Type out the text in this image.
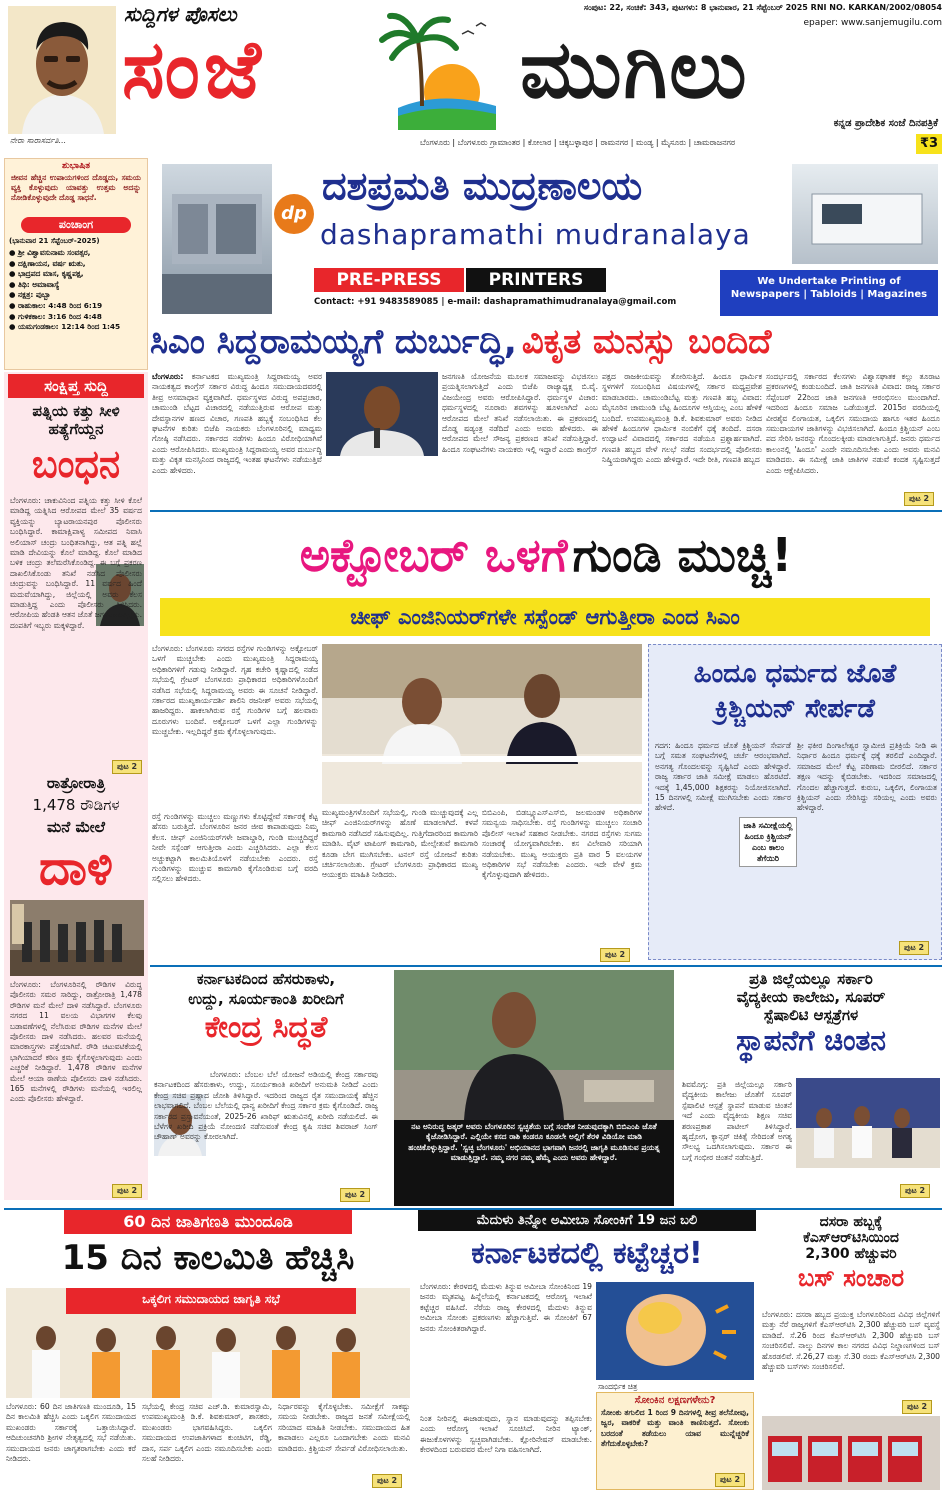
ನೇರಾ ಸಾರಾಸರ್ವತಿ...
ಸುದ್ದಿಗಳ ಪೊಸಲು
ಸಂಜೆ	ಮುಗಿಲು
ಸಂಪುಟ: 22, ಸಂಚಿಕೆ: 343, ಪುಟಗಳು: 8 ಭಾನುವಾರ, 21 ಸೆಪ್ಟೆಂಬರ್ 2025 RNI NO. KARKAN/2002/08054
epaper: www.sanjemugilu.com
ಕನ್ನಡ ಪ್ರಾದೇಶಿಕ ಸಂಜೆ ದಿನಪತ್ರಿಕೆ
ಬೆಂಗಳೂರು | ಬೆಂಗಳೂರು ಗ್ರಾಮಾಂತರ | ಕೋಲಾರ | ಚಿಕ್ಕಬಳ್ಳಾಪುರ | ರಾಮನಗರ | ಮಂಡ್ಯ | ಮೈಸೂರು | ಚಾಮರಾಜನಗರ	₹3
ಶುಭಾಷಿತ
ಜೀವನ ಹೆಚ್ಚಿನ ಉಪಾಯಗಳಿಂದ ದೊಡ್ಡದು, ಸಮಯ ವ್ಯಕ್ತಿ ಕೊಳ್ಳುವುದು ಯಾವತ್ತು ಉತ್ತಮ ಅದನ್ನು ನೋಡಿಕೊಳ್ಳುವುದೇ ದೊಡ್ಡ ಸಾಧನೆ.
ಪಂಚಾಂಗ
(ಭಾನುವಾರ 21 ಸೆಪ್ಟೆಂಬರ್-2025)
● ಶ್ರೀ ವಿಶ್ವಾವಸುನಾಮ ಸಂವತ್ಸರ,
● ದಕ್ಷಿಣಾಯನ, ವರ್ಷ ಋತು,
● ಭಾದ್ರಪದ ಮಾಸ, ಕೃಷ್ಣಪಕ್ಷ,
● ತಿಥಿ: ಅಮಾವಾಸ್ಯೆ
● ನಕ್ಷತ್ರ: ಪುಬ್ಬಾ
● ರಾಹುಕಾಲ: 4:48 ರಿಂದ 6:19
● ಗುಳಿಕಕಾಲ: 3:16 ರಿಂದ 4:48
● ಯಮಗಂಡಕಾಲ: 12:14 ರಿಂದ 1:45
dp
ದಶಪ್ರಮತಿ ಮುದ್ರಣಾಲಯ
dashapramathi mudranalaya
PRE-PRESS	PRINTERS
Contact: +91 9483589085 | e-mail: dashapramathimudranalaya@gmail.com
We Undertake Printing of
Newspapers | Tabloids | Magazines
ಸಿಎಂ ಸಿದ್ದರಾಮಯ್ಯಗೆ ದುರ್ಬುದ್ಧಿ, ವಿಕೃತ ಮನಸ್ಸು ಬಂದಿದೆ
ಬೆಂಗಳೂರು: ಕರ್ನಾಟಕದ ಮುಖ್ಯಮಂತ್ರಿ ಸಿದ್ದರಾಮಯ್ಯ ಅವರ ನಾಯಕತ್ವದ ಕಾಂಗ್ರೆಸ್ ಸರ್ಕಾರ ವಿರುದ್ಧ ಹಿಂದೂ ಸಮುದಾಯದವರಲ್ಲಿ ತೀವ್ರ ಅಸಮಾಧಾನ ವ್ಯಕ್ತವಾಗಿದೆ. ಧರ್ಮಸ್ಥಳದ ವಿರುದ್ಧ ಅಪಪ್ರಚಾರ, ಚಾಮುಂಡಿ ಬೆಟ್ಟದ ವಿಚಾರದಲ್ಲಿ ನಡೆಯುತ್ತಿರುವ ಆರೋಪ ಮತ್ತು ದೇವಸ್ಥಾನಗಳ ಹಣದ ವಿಚಾರ, ಗಣಪತಿ ಹಬ್ಬಕ್ಕೆ ಸಂಬಂಧಿಸಿದ ಕೆಲ ಘಟನೆಗಳ ಕುರಿತು ಬಿಜೆಪಿ ನಾಯಕರು ಬೆಂಗಳೂರಿನಲ್ಲಿ ಮಾಧ್ಯಮ ಗೋಷ್ಠಿ ನಡೆಸಿದರು. ಸರ್ಕಾರದ ನಡೆಗಳು ಹಿಂದೂ ವಿರೋಧಿಯಾಗಿವೆ ಎಂದು ಆರೋಪಿಸಿದರು. ಮುಖ್ಯಮಂತ್ರಿ ಸಿದ್ದರಾಮಯ್ಯ ಅವರ ದುರ್ಬುದ್ಧಿ ಮತ್ತು ವಿಕೃತ ಮನಸ್ಸಿನಿಂದ ರಾಜ್ಯದಲ್ಲಿ ಇಂತಹ ಘಟನೆಗಳು ನಡೆಯುತ್ತಿವೆ ಎಂದು ಹೇಳಿದರು.
ಜನಗಣತಿ ಯೋಜನೆಯ ಮೂಲಕ ಸಮಾಜವನ್ನು ವಿಭಜಿಸಲು ಪ್ರಯತ್ನಿಸಲಾಗುತ್ತಿದೆ ಎಂದು ಬಿಜೆಪಿ ರಾಜ್ಯಾಧ್ಯಕ್ಷ ಬಿ.ವೈ. ವಿಜಯೇಂದ್ರ ಅವರು ಆರೋಪಿಸಿದ್ದಾರೆ. ಧರ್ಮಸ್ಥಳ ವಿಚಾರ: ಧರ್ಮಸ್ಥಳದಲ್ಲಿ ನೂರಾರು ಶವಗಳನ್ನು ಹೂಳಲಾಗಿದೆ ಎಂಬ ಆರೋಪದ ಮೇಲೆ ತನಿಖೆ ನಡೆಸಲಾಯಿತು. ಈ ಪ್ರಕರಣದಲ್ಲಿ ದೊಡ್ಡ ಷಡ್ಯಂತ್ರ ನಡೆದಿದೆ ಎಂದು ಅವರು ಹೇಳಿದರು. ಈ ಆರೋಪದ ಮೇಲೆ ಸೌಜನ್ಯ ಪ್ರಕರಣದ ತನಿಖೆ ನಡೆಸುತ್ತಿದ್ದಾರೆ. ಹಿಂದೂ ಸಂಘಟನೆಗಳು ನಾಯಕರು ಇಲ್ಲಿ ಇದ್ದಾರೆ ಎಂದು ಕಾಂಗ್ರೆಸ್
ಪಕ್ಷದ ರಾಜಕೀಯವನ್ನು ತೋರಿಸುತ್ತಿದೆ. ಹಿಂದೂ ಧಾರ್ಮಿಕ ಸ್ಥಳಗಳಿಗೆ ಸಂಬಂಧಿಸಿದ ವಿಷಯಗಳಲ್ಲಿ ಸರ್ಕಾರ ಮಧ್ಯಪ್ರವೇಶ ಮಾಡಬಾರದು. ಚಾಮುಂಡಿಬೆಟ್ಟ ಮತ್ತು ಗಣಪತಿ ಹಬ್ಬ ವಿವಾದ: ಮೈಸೂರಿನ ಚಾಮುಂಡಿ ಬೆಟ್ಟ ಹಿಂದೂಗಳ ಆಸ್ತಿಯಲ್ಲ ಎಂಬ ಹೇಳಿಕೆ ಬಂದಿದೆ. ಉಪಮುಖ್ಯಮಂತ್ರಿ ಡಿ.ಕೆ. ಶಿವಕುಮಾರ್ ಅವರು ನೀಡಿದ ಹೇಳಿಕೆ ಹಿಂದೂಗಳ ಧಾರ್ಮಿಕ ನಂಬಿಕೆಗೆ ಧಕ್ಕೆ ತಂದಿದೆ. ದಸರಾ ಉದ್ಘಾಟನೆ ವಿವಾದದಲ್ಲಿ ಸರ್ಕಾರದ ನಡೆಯೂ ಪ್ರಶ್ನಾರ್ಹವಾಗಿದೆ. ಗಣಪತಿ ಹಬ್ಬದ ವೇಳೆ ಗಲಭೆ ನಡೆದ ಸಂದರ್ಭದಲ್ಲಿ ಪೊಲೀಸರು ನಿಷ್ಕ್ರಿಯರಾಗಿದ್ದರು ಎಂದು ಹೇಳಿದ್ದಾರೆ. ಇದೇ ರೀತಿ, ಗಣಪತಿ ಹಬ್ಬದ
ಸಂದರ್ಭದಲ್ಲಿ ಸರ್ಕಾರದ ಕೆಲಸಗಳು ವಿಶ್ವಾಸಘಾತಕ ಕಲ್ಲು ತೂರಾಟ ಪ್ರಕರಣಗಳಲ್ಲಿ ಕಂಡುಬಂದಿದೆ. ಜಾತಿ ಜನಗಣತಿ ವಿವಾದ: ರಾಜ್ಯ ಸರ್ಕಾರ ಸೆಪ್ಟೆಂಬರ್ 22ರಿಂದ ಜಾತಿ ಜನಗಣತಿ ಆರಂಭಿಸಲು ಮುಂದಾಗಿದೆ. ಇದರಿಂದ ಹಿಂದೂ ಸಮಾಜ ಒಡೆಯುತ್ತದೆ. 2015ರ ವರದಿಯಲ್ಲಿ ವೀರಶೈವ ಲಿಂಗಾಯತ, ಒಕ್ಕಲಿಗ ಸಮುದಾಯ ಹಾಗೂ ಇತರ ಹಿಂದೂ ಸಮುದಾಯಗಳ ಜಾತಿಗಳನ್ನು ವಿಭಜಿಸಲಾಗಿದೆ. ಹಿಂದೂ ಕ್ರಿಶ್ಚಿಯನ್ ಎಂಬ ಪದ ಸೇರಿಸಿ ಜನರನ್ನು ಗೊಂದಲಕ್ಕೀಡು ಮಾಡಲಾಗುತ್ತಿದೆ. ಜನರು ಧರ್ಮದ ಕಾಲಂನಲ್ಲಿ 'ಹಿಂದೂ' ಎಂದೇ ನಮೂದಿಸಬೇಕು ಎಂದು ಅವರು ಮನವಿ ಮಾಡಿದರು. ಈ ಸಮೀಕ್ಷೆ ಜಾತಿ ಜಾತಿಗಳ ನಡುವೆ ಕಂದಕ ಸೃಷ್ಟಿಸುತ್ತದೆ ಎಂದು ಆಕ್ಷೇಪಿಸಿದರು.
ಪುಟ 2
ಸಂಕ್ಷಿಪ್ತ ಸುದ್ದಿ
ಪತ್ನಿಯ ಕತ್ತು ಸೀಳಿ
ಹತ್ಯೆಗೆಯ್ದನ
ಬಂಧನ
ಬೆಂಗಳೂರು: ಚಾಕುವಿನಿಂದ ಪತ್ನಿಯ ಕತ್ತು ಸೀಳಿ ಕೊಲೆ ಮಾಡಿದ್ದ ಯತ್ನಿಸಿದ ಆರೋಪದ ಮೇಲೆ 35 ವರ್ಷದ ವ್ಯಕ್ತಿಯನ್ನು ಬ್ಯಾಟರಾಯನಪುರ ಪೊಲೀಸರು ಬಂಧಿಸಿದ್ದಾರೆ. ಕಾಮಾಕ್ಷಿಪಾಳ್ಯ ಸಮೀಪದ ನಿವಾಸಿ ಅಲಿಯಾಸ್ ಚಂದ್ರು ಬಂಧಿತನಾಗಿದ್ದು, ಆತ ಪತ್ನಿ ಹಲ್ಲೆ ಮಾಡಿ ದೇವಿಯನ್ನು ಕೊಲೆ ಮಾಡಿದ್ದ. ಕೊಲೆ ಮಾಡಿದ ಬಳಿಕ ಚಂದ್ರು ತಲೆಮರೆಸಿಕೊಂಡಿದ್ದ. ಈ ಬಗ್ಗೆ ಪ್ರಕರಣ ದಾಖಲಿಸಿಕೊಂಡು ತನಿಖೆ ನಡೆಸಿದ ಪೊಲೀಸರು ಚಂದ್ರುವನ್ನು ಬಂಧಿಸಿದ್ದಾರೆ. 11 ವರ್ಷದ ಹಿಂದೆ ಮದುವೆಯಾಗಿದ್ದು, ಜಿಲ್ಲೆಯಲ್ಲಿ ಅವರು ಕೆಲಸ ಮಾಡುತ್ತಿದ್ದ ಎಂದು ಪೊಲೀಸರು ತಿಳಿಸಿದರು. ಆರೋಪಿಯ ಹೆಂಡತಿ ಆತನ ಜೊತೆ ಜಗಳವಾಡುತ್ತಿದ್ದರು. ದಂಪತಿಗೆ ಇಬ್ಬರು ಮಕ್ಕಳಿದ್ದಾರೆ.
ಪುಟ 2
ರಾತ್ರೋರಾತ್ರಿ
1,478 ರೌಡಿಗಳ
ಮನೆ ಮೇಲೆ
ದಾಳಿ
ಬೆಂಗಳೂರು: ಬೆಂಗಳೂರಿನಲ್ಲಿ ರೌಡಿಗಳ ವಿರುದ್ಧ ಪೊಲೀಸರು ಸಮರ ಸಾರಿದ್ದು, ರಾತ್ರೋರಾತ್ರಿ 1,478 ರೌಡಿಗಳ ಮನೆ ಮೇಲೆ ದಾಳಿ ನಡೆಸಿದ್ದಾರೆ. ಬೆಂಗಳೂರು ನಗರದ 11 ವಲಯ ವಿಭಾಗಗಳ ಕೆಲವು ಬಡಾವಣೆಗಳಲ್ಲಿ ನೆಲೆಸಿರುವ ರೌಡಿಗಳ ಮನೆಗಳ ಮೇಲೆ ಪೊಲೀಸರು ದಾಳಿ ನಡೆಸಿದರು. ಹಲವರ ಮನೆಯಲ್ಲಿ ಮಾರಕಾಸ್ತ್ರಗಳು ಪತ್ತೆಯಾಗಿವೆ. ರೌಡಿ ಚಟುವಟಿಕೆಯಲ್ಲಿ ಭಾಗಿಯಾದರೆ ಕಠಿಣ ಕ್ರಮ ಕೈಗೊಳ್ಳಲಾಗುವುದು ಎಂದು ಎಚ್ಚರಿಕೆ ನೀಡಿದ್ದಾರೆ. 1,478 ರೌಡಿಗಳ ಮನೆಗಳ ಮೇಲೆ ಆಯಾ ಠಾಣೆಯ ಪೊಲೀಸರು ದಾಳಿ ನಡೆಸಿದರು. 165 ಮನೆಗಳಲ್ಲಿ ರೌಡಿಗಳು ಮನೆಯಲ್ಲಿ ಇರಲಿಲ್ಲ ಎಂದು ಪೊಲೀಸರು ಹೇಳಿದ್ದಾರೆ.
ಪುಟ 2
ಅಕ್ಟೋಬರ್ ಒಳಗೆ ಗುಂಡಿ ಮುಚ್ಚಿ!
ಚೀಫ್ ಎಂಜಿನಿಯರ್‌ಗಳೇ ಸಸ್ಪೆಂಡ್ ಆಗುತ್ತೀರಾ ಎಂದ ಸಿಎಂ
ಬೆಂಗಳೂರು: ಬೆಂಗಳೂರು ನಗರದ ರಸ್ತೆಗಳ ಗುಂಡಿಗಳನ್ನು ಅಕ್ಟೋಬರ್ ಒಳಗೆ ಮುಚ್ಚಬೇಕು ಎಂದು ಮುಖ್ಯಮಂತ್ರಿ ಸಿದ್ದರಾಮಯ್ಯ ಅಧಿಕಾರಿಗಳಿಗೆ ಗಡುವು ನೀಡಿದ್ದಾರೆ. ಗೃಹ ಕಚೇರಿ ಕೃಷ್ಣಾದಲ್ಲಿ ನಡೆದ ಸಭೆಯಲ್ಲಿ ಗ್ರೇಟರ್ ಬೆಂಗಳೂರು ಪ್ರಾಧಿಕಾರದ ಅಧಿಕಾರಿಗಳೊಂದಿಗೆ ನಡೆಸಿದ ಸಭೆಯಲ್ಲಿ ಸಿದ್ದರಾಮಯ್ಯ ಅವರು ಈ ಸೂಚನೆ ನೀಡಿದ್ದಾರೆ. ಸರ್ಕಾರದ ಮುಖ್ಯಕಾರ್ಯದರ್ಶಿ ಶಾಲಿನಿ ರಜನೀಶ್ ಅವರು ಸಭೆಯಲ್ಲಿ ಹಾಜರಿದ್ದರು. ಹಾಕಲಾಗಿರುವ ರಸ್ತೆ ಗುಂಡಿಗಳ ಬಗ್ಗೆ ಹಲವಾರು ದೂರುಗಳು ಬಂದಿವೆ. ಅಕ್ಟೋಬರ್ ಒಳಗೆ ಎಲ್ಲಾ ಗುಂಡಿಗಳನ್ನು ಮುಚ್ಚಬೇಕು. ಇಲ್ಲದಿದ್ದರೆ ಕ್ರಮ ಕೈಗೊಳ್ಳಲಾಗುವುದು.
ರಸ್ತೆ ಗುಂಡಿಗಳನ್ನು ಮುಚ್ಚಲು ಮಣ್ಣುಗಳು ಕೊಟ್ಟಿದ್ದೇವೆ ಸರ್ಕಾರಕ್ಕೆ ಕೆಟ್ಟ ಹೆಸರು ಬರುತ್ತಿದೆ. ಬೆಂಗಳೂರಿನ ಜನರ ಜೀವ ಕಾಪಾಡುವುದು ನಿಮ್ಮ ಕೆಲಸ. ಚೀಫ್ ಎಂಜಿನಿಯರ್‌ಗಳೇ ಜವಾಬ್ದಾರಿ, ಗುಂಡಿ ಮುಚ್ಚದಿದ್ದರೆ ನೀವೇ ಸಸ್ಪೆಂಡ್ ಆಗುತ್ತೀರಾ ಎಂದು ಎಚ್ಚರಿಸಿದರು. ಎಲ್ಲಾ ಕೆಲಸ ಅಚ್ಚುಕಟ್ಟಾಗಿ ಕಾಲಮಿತಿಯೊಳಗೆ ನಡೆಯಬೇಕು ಎಂದರು. ರಸ್ತೆ ಗುಂಡಿಗಳನ್ನು ಮುಚ್ಚುವ ಕಾಮಗಾರಿ ಕೈಗೊಂಡಿರುವ ಬಗ್ಗೆ ವರದಿ ಸಲ್ಲಿಸಲು ಹೇಳಿದರು.
ಮುಖ್ಯಮಂತ್ರಿಗಳೊಂದಿಗೆ ಸಭೆಯಲ್ಲಿ, ಗುಂಡಿ ಮುಚ್ಚುವುದಕ್ಕೆ ಎಲ್ಲ ಚೀಫ್ ಎಂಜಿನಿಯರ್‌ಗಳನ್ನು ಹೊಣೆ ಮಾಡಲಾಗಿದೆ. ಕಳಪೆ ಕಾಮಗಾರಿ ನಡೆಸಿದರೆ ಸಹಿಸುವುದಿಲ್ಲ. ಗುತ್ತಿಗೆದಾರರಿಂದ ಕಾಮಗಾರಿ ಮಾಡಿಸಿ. ವೈಟ್ ಟಾಪಿಂಗ್ ಕಾಮಗಾರಿ, ಮೇಲ್ಸೇತುವೆ ಕಾಮಗಾರಿ ಕೂಡಾ ಬೇಗ ಮುಗಿಸಬೇಕು. ಟನಲ್ ರಸ್ತೆ ಯೋಜನೆ ಕುರಿತು ಚರ್ಚಿಸಲಾಯಿತು. ಗ್ರೇಟರ್ ಬೆಂಗಳೂರು ಪ್ರಾಧಿಕಾರದ ಮುಖ್ಯ ಆಯುಕ್ತರು ಮಾಹಿತಿ ನೀಡಿದರು.
ಬಿಬಿಎಂಪಿ, ಬಿಡಬ್ಲ್ಯೂಎಸ್ಎಸ್‌ಬಿ, ಜಲಮಂಡಳಿ ಅಧಿಕಾರಿಗಳ ಸಮನ್ವಯ ಸಾಧಿಸಬೇಕು. ರಸ್ತೆ ಗುಂಡಿಗಳನ್ನು ಮುಚ್ಚಲು ಸಂಚಾರಿ ಪೊಲೀಸ್ ಇಲಾಖೆ ಸಹಕಾರ ನೀಡಬೇಕು. ನಗರದ ರಸ್ತೆಗಳು ಸುಗಮ ಸಂಚಾರಕ್ಕೆ ಯೋಗ್ಯವಾಗಿರಬೇಕು. ಕಸ ವಿಲೇವಾರಿ ಸರಿಯಾಗಿ ನಡೆಯಬೇಕು. ಮುಖ್ಯ ಆಯುಕ್ತರು ಪ್ರತಿ ವಾರ 5 ವಲಯಗಳ ಅಧಿಕಾರಿಗಳ ಸಭೆ ನಡೆಸಬೇಕು ಎಂದರು. ಇದೇ ವೇಳೆ ಕ್ರಮ ಕೈಗೊಳ್ಳುವುದಾಗಿ ಹೇಳಿದರು.
ಪುಟ 2
ಹಿಂದೂ ಧರ್ಮದ ಜೊತೆ
ಕ್ರಿಶ್ಚಿಯನ್ ಸೇರ್ಪಡೆ
ಗದಗ: ಹಿಂದೂ ಧರ್ಮದ ಜೊತೆ ಕ್ರಿಶ್ಚಿಯನ್ ಸೇರ್ಪಡೆ ಬಗ್ಗೆ ಸಮತ ಸಂಘಟನೆಗಳಲ್ಲಿ ಚರ್ಚೆ ಆರಂಭವಾಗಿದೆ. ಅನಗತ್ಯ ಗೊಂದಲವನ್ನು ಸೃಷ್ಟಿಸಿದೆ ಎಂದು ಹೇಳಿದ್ದಾರೆ. ರಾಜ್ಯ ಸರ್ಕಾರ ಜಾತಿ ಸಮೀಕ್ಷೆ ಮಾಡಲು ಹೊರಟಿದೆ. ಇದಕ್ಕೆ 1,45,000 ಶಿಕ್ಷಕರನ್ನು ನಿಯೋಜಿಸಲಾಗಿದೆ. 15 ದಿನಗಳಲ್ಲಿ ಸಮೀಕ್ಷೆ ಮುಗಿಸಬೇಕು ಎಂದು ಸರ್ಕಾರ ಹೇಳಿದೆ.
ಶ್ರೀ ಫಕೀರ ದಿಂಗಾಲೇಶ್ವರ ಸ್ವಾಮೀಜಿ ಪ್ರತಿಕ್ರಿಯೆ ನೀಡಿ ಈ ನಿರ್ಧಾರ ಹಿಂದೂ ಧರ್ಮಕ್ಕೆ ಧಕ್ಕೆ ತರಲಿದೆ ಎಂದಿದ್ದಾರೆ. ಸಮಾಜದ ಮೇಲೆ ಕೆಟ್ಟ ಪರಿಣಾಮ ಬೀರಲಿದೆ. ಸರ್ಕಾರ ತಕ್ಷಣ ಇದನ್ನು ಕೈಬಿಡಬೇಕು. ಇದರಿಂದ ಸಮಾಜದಲ್ಲಿ ಗೊಂದಲ ಹೆಚ್ಚಾಗುತ್ತದೆ. ಕುರುಬ, ಒಕ್ಕಲಿಗ, ಲಿಂಗಾಯತ ಕ್ರಿಶ್ಚಿಯನ್ ಎಂದು ಸೇರಿಸಿದ್ದು ಸರಿಯಲ್ಲ ಎಂದು ಅವರು ಹೇಳಿದ್ದಾರೆ.
ಜಾತಿ ಸಮೀಕ್ಷೆಯಲ್ಲಿ ಹಿಂದೂ ಕ್ರಿಶ್ಚಿಯನ್ ಎಂಬ ಕಾಲಂ ತೆಗೆಯಿರಿ
ಪುಟ 2
ಕರ್ನಾಟಕದಿಂದ ಹೆಸರುಕಾಳು,
ಉದ್ದು, ಸೂರ್ಯಕಾಂತಿ ಖರೀದಿಗೆ
ಕೇಂದ್ರ ಸಿದ್ಧತೆ
ಬೆಂಗಳೂರು: ಬೆಂಬಲ ಬೆಲೆ ಯೋಜನೆ ಅಡಿಯಲ್ಲಿ ಕೇಂದ್ರ ಸರ್ಕಾರವು ಕರ್ನಾಟಕದಿಂದ ಹೆಸರುಕಾಳು, ಉದ್ದು, ಸೂರ್ಯಕಾಂತಿ ಖರೀದಿಗೆ ಅನುಮತಿ ನೀಡಿದೆ ಎಂದು ಕೇಂದ್ರ ಸಚಿವ ಪ್ರಹ್ಲಾದ ಜೋಶಿ ತಿಳಿಸಿದ್ದಾರೆ. ಇದರಿಂದ ರಾಜ್ಯದ ರೈತ ಸಮುದಾಯಕ್ಕೆ ಹೆಚ್ಚಿನ ಲಾಭವಾಗಲಿದೆ. ಬೆಂಬಲ ಬೆಲೆಯಲ್ಲಿ ಧಾನ್ಯ ಖರೀದಿಗೆ ಕೇಂದ್ರ ಸರ್ಕಾರ ಕ್ರಮ ಕೈಗೊಂಡಿದೆ. ರಾಜ್ಯ ಸರ್ಕಾರದ ಪ್ರಸ್ತಾವನೆಯಂತೆ, 2025-26 ಖಾರಿಫ್ ಋತುವಿನಲ್ಲಿ ಖರೀದಿ ನಡೆಯಲಿದೆ. ಈ ಬೆಳೆಗಳ ಖರೀದಿ ಪ್ರಕ್ರಿಯೆ ನೋಂದಣಿ ನಡೆಸುವಂತೆ ಕೇಂದ್ರ ಕೃಷಿ ಸಚಿವ ಶಿವರಾಜ್ ಸಿಂಗ್ ಚೌಹಾಣ್ ಅವರನ್ನು ಕೋರಲಾಗಿದೆ.
ಪುಟ 2
ನಟ ಅನಿರುದ್ಧ ಜತ್ಕರ್ ಅವರು ಬೆಂಗಳೂರಿನ ಸ್ವಚ್ಛತೆಯ ಬಗ್ಗೆ ಸಂದೇಶ ನೀಡುವುದಕ್ಕಾಗಿ ಬಿಬಿಎಂಪಿ ಜೊತೆ ಕೈಜೋಡಿಸಿದ್ದಾರೆ. ಎಲ್ಲಿಯೇ ಕಸದ ರಾಶಿ ಕಂಡರೂ ಕೂಡಲೇ ಅಲ್ಲಿಗೆ ತೆರಳಿ ವಿಡಿಯೋ ಮಾಡಿ ಹಂಚಿಕೊಳ್ಳುತ್ತಿದ್ದಾರೆ. 'ಸ್ವಚ್ಛ ಬೆಂಗಳೂರು' ಅಭಿಯಾನದ ಭಾಗವಾಗಿ ಜನರಲ್ಲಿ ಜಾಗೃತಿ ಮೂಡಿಸುವ ಪ್ರಯತ್ನ ಮಾಡುತ್ತಿದ್ದಾರೆ. ನಮ್ಮ ನಗರ ನಮ್ಮ ಹೆಮ್ಮೆ ಎಂದು ಅವರು ಹೇಳಿದ್ದಾರೆ.
ಪ್ರತಿ ಜಿಲ್ಲೆಯಲ್ಲೂ ಸರ್ಕಾರಿ
ವೈದ್ಯಕೀಯ ಕಾಲೇಜು, ಸೂಪರ್
ಸ್ಪೆಷಾಲಿಟಿ ಆಸ್ಪತ್ರೆಗಳ
ಸ್ಥಾಪನೆಗೆ ಚಿಂತನ
ಶಿವಮೊಗ್ಗ: ಪ್ರತಿ ಜಿಲ್ಲೆಯಲ್ಲೂ ಸರ್ಕಾರಿ ವೈದ್ಯಕೀಯ ಕಾಲೇಜು ಜೊತೆಗೆ ಸೂಪರ್ ಸ್ಪೆಷಾಲಿಟಿ ಆಸ್ಪತ್ರೆ ಸ್ಥಾಪನೆ ಮಾಡುವ ಚಿಂತನೆ ಇದೆ ಎಂದು ವೈದ್ಯಕೀಯ ಶಿಕ್ಷಣ ಸಚಿವ ಶರಣಪ್ರಕಾಶ ಪಾಟೀಲ್ ತಿಳಿಸಿದ್ದಾರೆ. ಹೃದ್ರೋಗ, ಕ್ಯಾನ್ಸರ್ ಚಿಕಿತ್ಸೆ ಸೇರಿದಂತೆ ಅಗತ್ಯ ಸೌಲಭ್ಯ ಒದಗಿಸಲಾಗುವುದು. ಸರ್ಕಾರ ಈ ಬಗ್ಗೆ ಗಂಭೀರ ಚಿಂತನೆ ನಡೆಸುತ್ತಿದೆ.
ಪುಟ 2
60 ದಿನ ಜಾತಿಗಣತಿ ಮುಂದೂಡಿ
15 ದಿನ ಕಾಲಮಿತಿ ಹೆಚ್ಚಿಸಿ
ಒಕ್ಕಲಿಗ ಸಮುದಾಯದ ಜಾಗೃತಿ ಸಭೆ
ಬೆಂಗಳೂರು: 60 ದಿನ ಜಾತಿಗಣತಿ ಮುಂದೂಡಿ, 15 ದಿನ ಕಾಲಮಿತಿ ಹೆಚ್ಚಿಸಿ ಎಂದು ಒಕ್ಕಲಿಗ ಸಮುದಾಯದ ಮುಖಂಡರು ಸರ್ಕಾರಕ್ಕೆ ಒತ್ತಾಯಿಸಿದ್ದಾರೆ. ಆದಿಚುಂಚನಗಿರಿ ಶ್ರೀಗಳ ನೇತೃತ್ವದಲ್ಲಿ ಸಭೆ ನಡೆಯಿತು. ಸಮುದಾಯದ ಜನರು ಜಾಗೃತರಾಗಬೇಕು ಎಂದು ಕರೆ ನೀಡಿದರು.
ಸಭೆಯಲ್ಲಿ ಕೇಂದ್ರ ಸಚಿವ ಎಚ್.ಡಿ. ಕುಮಾರಸ್ವಾಮಿ, ಉಪಮುಖ್ಯಮಂತ್ರಿ ಡಿ.ಕೆ. ಶಿವಕುಮಾರ್, ಶಾಸಕರು, ಮುಖಂಡರು ಭಾಗವಹಿಸಿದ್ದರು. ಒಕ್ಕಲಿಗ ಸಮುದಾಯದ ಉಪಜಾತಿಗಳಾದ ಕುಂಚಿಟಿಗ, ರೆಡ್ಡಿ, ದಾಸ, ಸರ್ಪ ಒಕ್ಕಲಿಗ ಎಂದು ನಮೂದಿಸಬೇಕು ಎಂದು ಸಲಹೆ ನೀಡಿದರು.
ನಿರ್ಧಾರವನ್ನು ಕೈಗೊಳ್ಳಬೇಕು. ಸಮೀಕ್ಷೆಗೆ ಸಾಕಷ್ಟು ಸಮಯ ನೀಡಬೇಕು. ರಾಜ್ಯದ ಜನತೆ ಸಮೀಕ್ಷೆಯಲ್ಲಿ ಸರಿಯಾದ ಮಾಹಿತಿ ನೀಡಬೇಕು. ಸಮುದಾಯದ ಹಿತ ಕಾಪಾಡಲು ಎಲ್ಲರೂ ಒಂದಾಗಬೇಕು ಎಂದು ಮನವಿ ಮಾಡಿದರು. ಕ್ರಿಶ್ಚಿಯನ್ ಸೇರ್ಪಡೆ ವಿರೋಧಿಸಲಾಯಿತು.
ಪುಟ 2
ಮೆದುಳು ತಿನ್ನೋ ಅಮೀಬಾ ಸೋಂಕಿಗೆ 19 ಜನ ಬಲಿ
ಕರ್ನಾಟಕದಲ್ಲಿ ಕಟ್ಟೆಚ್ಚರ!
ಬೆಂಗಳೂರು: ಕೇರಳದಲ್ಲಿ ಮೆದುಳು ತಿನ್ನುವ ಅಮೀಬಾ ಸೋಂಕಿನಿಂದ 19 ಜನರು ಮೃತಪಟ್ಟ ಹಿನ್ನೆಲೆಯಲ್ಲಿ ಕರ್ನಾಟಕದಲ್ಲಿ ಆರೋಗ್ಯ ಇಲಾಖೆ ಕಟ್ಟೆಚ್ಚರ ವಹಿಸಿದೆ. ನೆರೆಯ ರಾಜ್ಯ ಕೇರಳದಲ್ಲಿ ಮೆದುಳು ತಿನ್ನುವ ಅಮೀಬಾ ಸೋಂಕು ಪ್ರಕರಣಗಳು ಹೆಚ್ಚಾಗುತ್ತಿವೆ. ಈ ಸೋಂಕಿಗೆ 67 ಜನರು ಸೋಂಕಿತರಾಗಿದ್ದಾರೆ.
ಸಾಂದರ್ಭಿಕ ಚಿತ್ರ
ನಿಂತ ನೀರಿನಲ್ಲಿ ಈಜಾಡುವುದು, ಸ್ನಾನ ಮಾಡುವುದನ್ನು ತಪ್ಪಿಸಬೇಕು ಎಂದು ಆರೋಗ್ಯ ಇಲಾಖೆ ಸೂಚಿಸಿದೆ. ನೀರಿನ ಟ್ಯಾಂಕ್, ಈಜುಕೊಳಗಳನ್ನು ಸ್ವಚ್ಛವಾಗಿಡಬೇಕು. ಕ್ಲೋರಿನೇಷನ್ ಮಾಡಬೇಕು. ಕೇರಳದಿಂದ ಬರುವವರ ಮೇಲೆ ನಿಗಾ ವಹಿಸಲಾಗಿದೆ.
ಸೋಂಕಿನ ಲಕ್ಷಣಗಳೇನು?
ಸೋಂಕು ತಗುಲಿದ 1 ರಿಂದ 9 ದಿನಗಳಲ್ಲಿ ತೀವ್ರ ತಲೆನೋವು, ಜ್ವರ, ವಾಕರಿಕೆ ಮತ್ತು ವಾಂತಿ ಕಾಣಿಸುತ್ತದೆ. ಸೋಂಕು ಬರದಂತೆ ತಡೆಯಲು ಯಾವ ಮುನ್ನೆಚ್ಚರಿಕೆ ತೆಗೆದುಕೊಳ್ಳಬೇಕು?
ಪುಟ 2
ದಸರಾ ಹಬ್ಬಕ್ಕೆ
ಕೆಎಸ್‌ಆರ್‌ಟಿಸಿಯಿಂದ
2,300 ಹೆಚ್ಚುವರಿ
ಬಸ್ ಸಂಚಾರ
ಬೆಂಗಳೂರು: ದಸರಾ ಹಬ್ಬದ ಪ್ರಯುಕ್ತ ಬೆಂಗಳೂರಿನಿಂದ ವಿವಿಧ ಜಿಲ್ಲೆಗಳಿಗೆ ಮತ್ತು ನೆರೆ ರಾಜ್ಯಗಳಿಗೆ ಕೆಎಸ್‌ಆರ್‌ಟಿಸಿ 2,300 ಹೆಚ್ಚುವರಿ ಬಸ್ ವ್ಯವಸ್ಥೆ ಮಾಡಿದೆ. ಸೆ.26 ರಿಂದ ಕೆಎಸ್‌ಆರ್‌ಟಿಸಿ 2,300 ಹೆಚ್ಚುವರಿ ಬಸ್ ಸಂಚರಿಸಲಿವೆ. ನಾಲ್ಕು ದಿನಗಳ ಕಾಲ ನಗರದ ವಿವಿಧ ನಿಲ್ದಾಣಗಳಿಂದ ಬಸ್ ಹೊರಡಲಿವೆ. ಸೆ.26,27 ಮತ್ತು ಸೆ.30 ರಂದು ಕೆಎಸ್‌ಆರ್‌ಟಿಸಿ 2,300 ಹೆಚ್ಚುವರಿ ಬಸ್‌ಗಳು ಸಂಚರಿಸಲಿವೆ.
ಪುಟ 2
